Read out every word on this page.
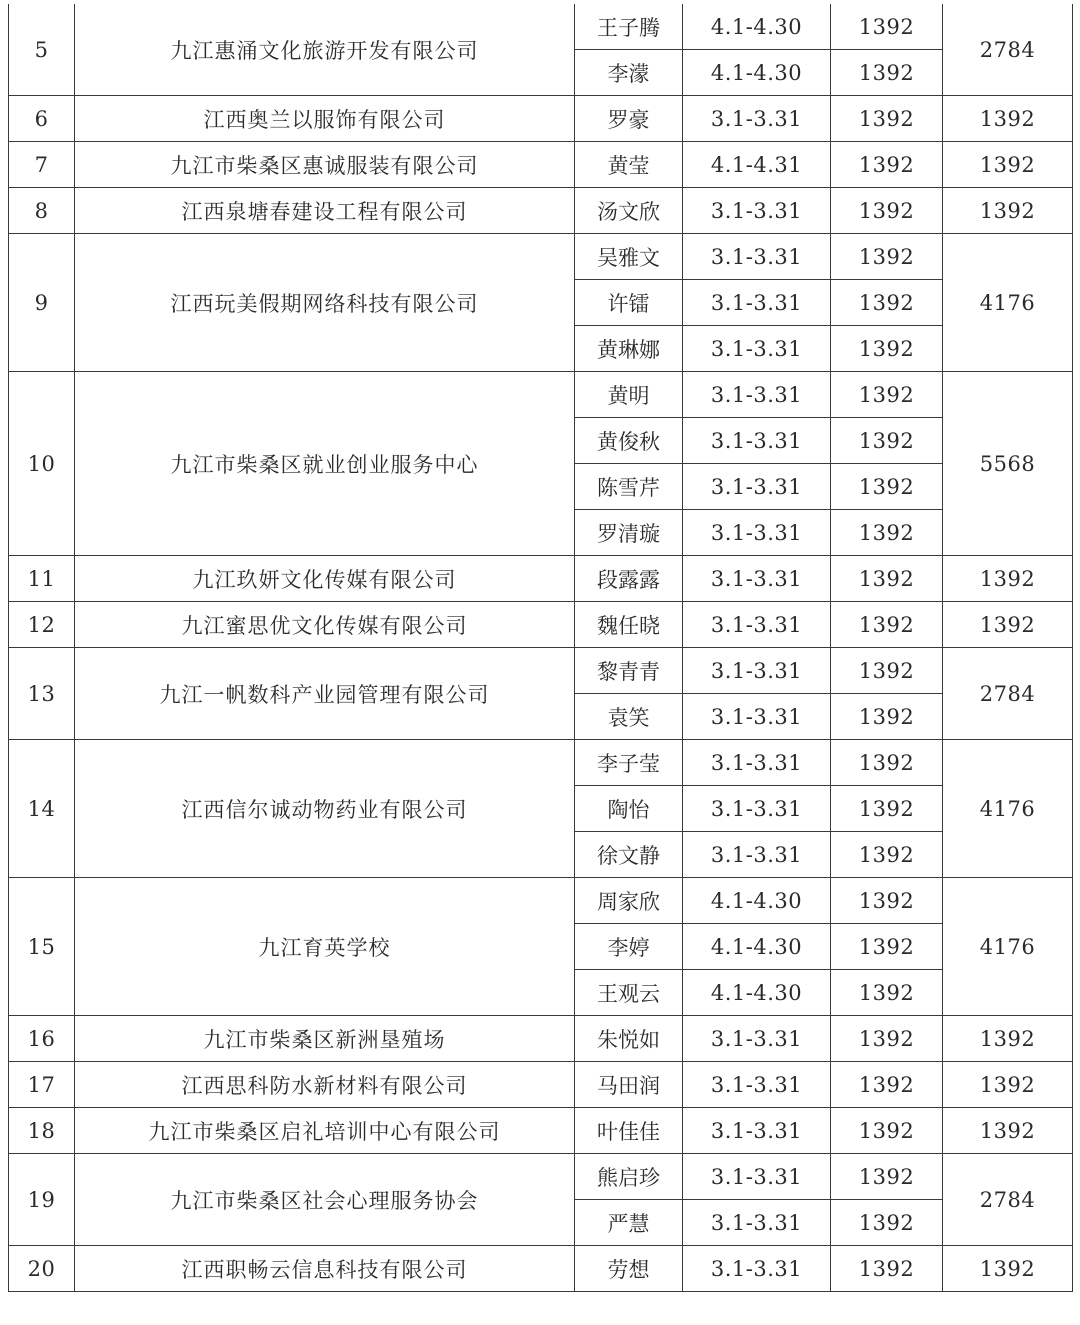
5	九江惠涌文化旅游开发有限公司	王子腾	4.1-4.30	1392	2784
		李濛	4.1-4.30	1392	
6	江西奥兰以服饰有限公司	罗豪	3.1-3.31	1392	1392
7	九江市柴桑区惠诚服装有限公司	黄莹	4.1-4.31	1392	1392
8	江西泉塘春建设工程有限公司	汤文欣	3.1-3.31	1392	1392
9	江西玩美假期网络科技有限公司	吴雅文	3.1-3.31	1392	4176
		许镭	3.1-3.31	1392	
		黄琳娜	3.1-3.31	1392	
10	九江市柴桑区就业创业服务中心	黄明	3.1-3.31	1392	5568
		黄俊秋	3.1-3.31	1392	
		陈雪芹	3.1-3.31	1392	
		罗清璇	3.1-3.31	1392	
11	九江玖妍文化传媒有限公司	段露露	3.1-3.31	1392	1392
12	九江蜜思优文化传媒有限公司	魏任晓	3.1-3.31	1392	1392
13	九江一帆数科产业园管理有限公司	黎青青	3.1-3.31	1392	2784
		袁笑	3.1-3.31	1392	
14	江西信尔诚动物药业有限公司	李子莹	3.1-3.31	1392	4176
		陶怡	3.1-3.31	1392	
		徐文静	3.1-3.31	1392	
15	九江育英学校	周家欣	4.1-4.30	1392	4176
		李婷	4.1-4.30	1392	
		王观云	4.1-4.30	1392	
16	九江市柴桑区新洲垦殖场	朱悦如	3.1-3.31	1392	1392
17	江西思科防水新材料有限公司	马田润	3.1-3.31	1392	1392
18	九江市柴桑区启礼培训中心有限公司	叶佳佳	3.1-3.31	1392	1392
19	九江市柴桑区社会心理服务协会	熊启珍	3.1-3.31	1392	2784
		严慧	3.1-3.31	1392	
20	江西职畅云信息科技有限公司	劳想	3.1-3.31	1392	1392
